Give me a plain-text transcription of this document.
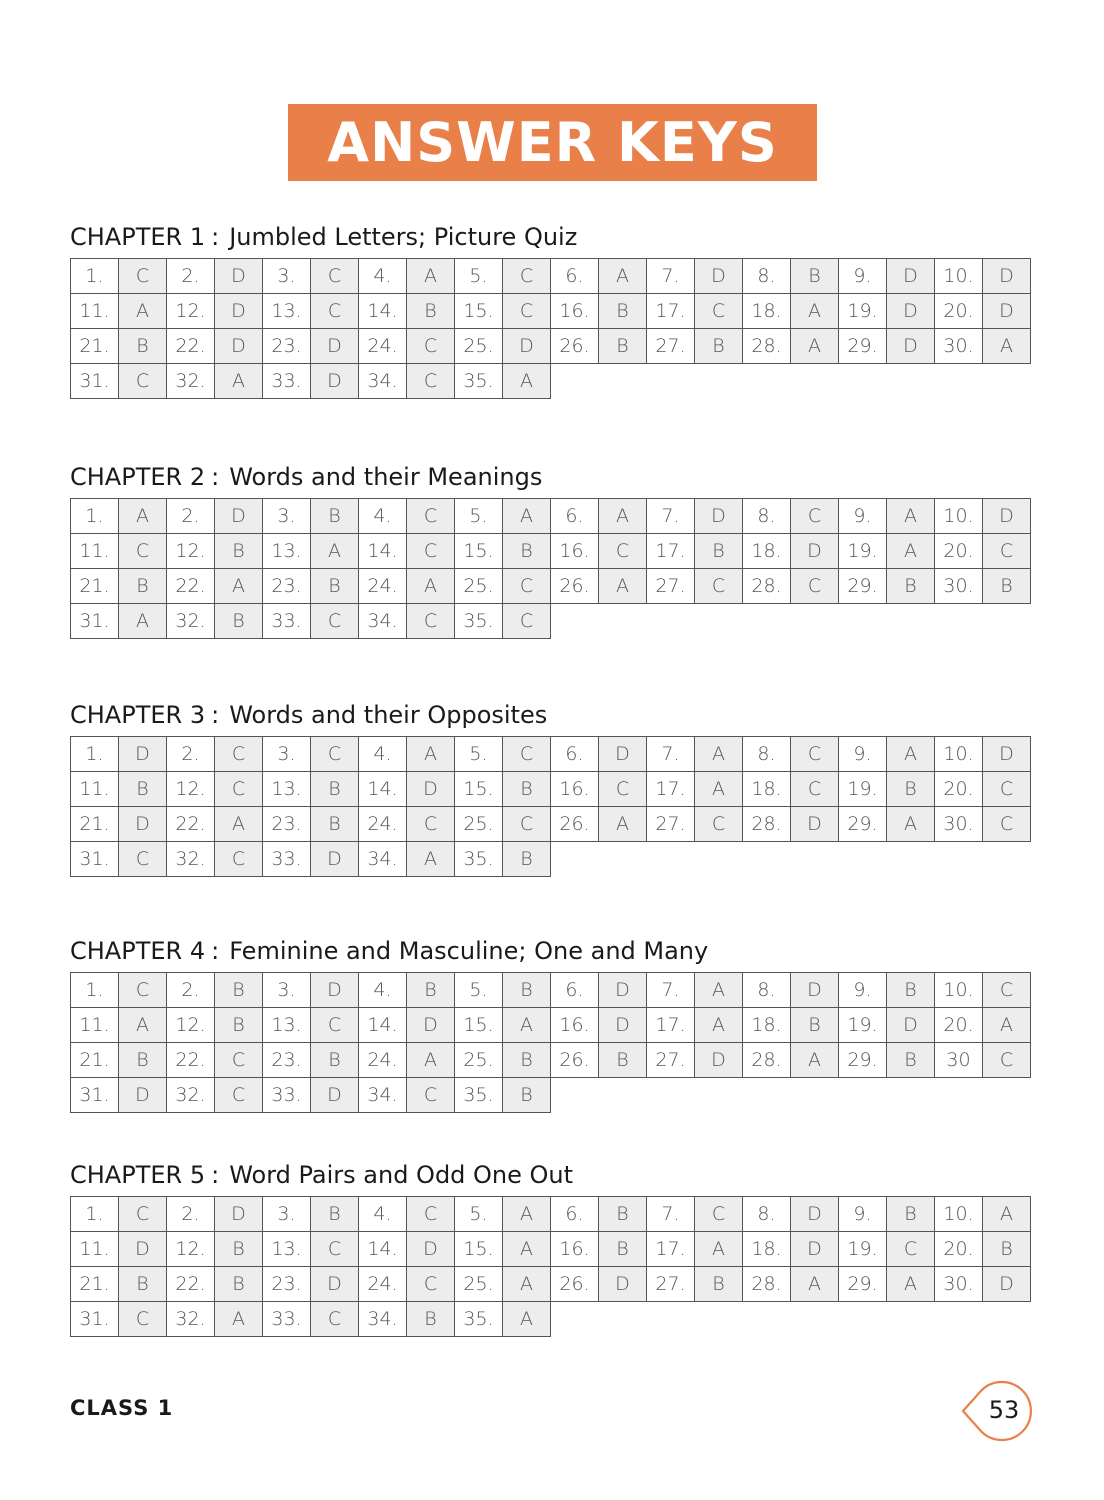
ANSWER KEYS
CHAPTER 1 : Jumbled Letters; Picture Quiz
1.	C	2.	D	3.	C	4.	A	5.	C	6.	A	7.	D	8.	B	9.	D	10.	D
11.	A	12.	D	13.	C	14.	B	15.	C	16.	B	17.	C	18.	A	19.	D	20.	D
21.	B	22.	D	23.	D	24.	C	25.	D	26.	B	27.	B	28.	A	29.	D	30.	A
31.	C	32.	A	33.	D	34.	C	35.	A										
CHAPTER 2 : Words and their Meanings
1.	A	2.	D	3.	B	4.	C	5.	A	6.	A	7.	D	8.	C	9.	A	10.	D
11.	C	12.	B	13.	A	14.	C	15.	B	16.	C	17.	B	18.	D	19.	A	20.	C
21.	B	22.	A	23.	B	24.	A	25.	C	26.	A	27.	C	28.	C	29.	B	30.	B
31.	A	32.	B	33.	C	34.	C	35.	C										
CHAPTER 3 : Words and their Opposites
1.	D	2.	C	3.	C	4.	A	5.	C	6.	D	7.	A	8.	C	9.	A	10.	D
11.	B	12.	C	13.	B	14.	D	15.	B	16.	C	17.	A	18.	C	19.	B	20.	C
21.	D	22.	A	23.	B	24.	C	25.	C	26.	A	27.	C	28.	D	29.	A	30.	C
31.	C	32.	C	33.	D	34.	A	35.	B										
CHAPTER 4 : Feminine and Masculine; One and Many
1.	C	2.	B	3.	D	4.	B	5.	B	6.	D	7.	A	8.	D	9.	B	10.	C
11.	A	12.	B	13.	C	14.	D	15.	A	16.	D	17.	A	18.	B	19.	D	20.	A
21.	B	22.	C	23.	B	24.	A	25.	B	26.	B	27.	D	28.	A	29.	B	30	C
31.	D	32.	C	33.	D	34.	C	35.	B										
CHAPTER 5 : Word Pairs and Odd One Out
1.	C	2.	D	3.	B	4.	C	5.	A	6.	B	7.	C	8.	D	9.	B	10.	A
11.	D	12.	B	13.	C	14.	D	15.	A	16.	B	17.	A	18.	D	19.	C	20.	B
21.	B	22.	B	23.	D	24.	C	25.	A	26.	D	27.	B	28.	A	29.	A	30.	D
31.	C	32.	A	33.	C	34.	B	35.	A										
CLASS 1	53
